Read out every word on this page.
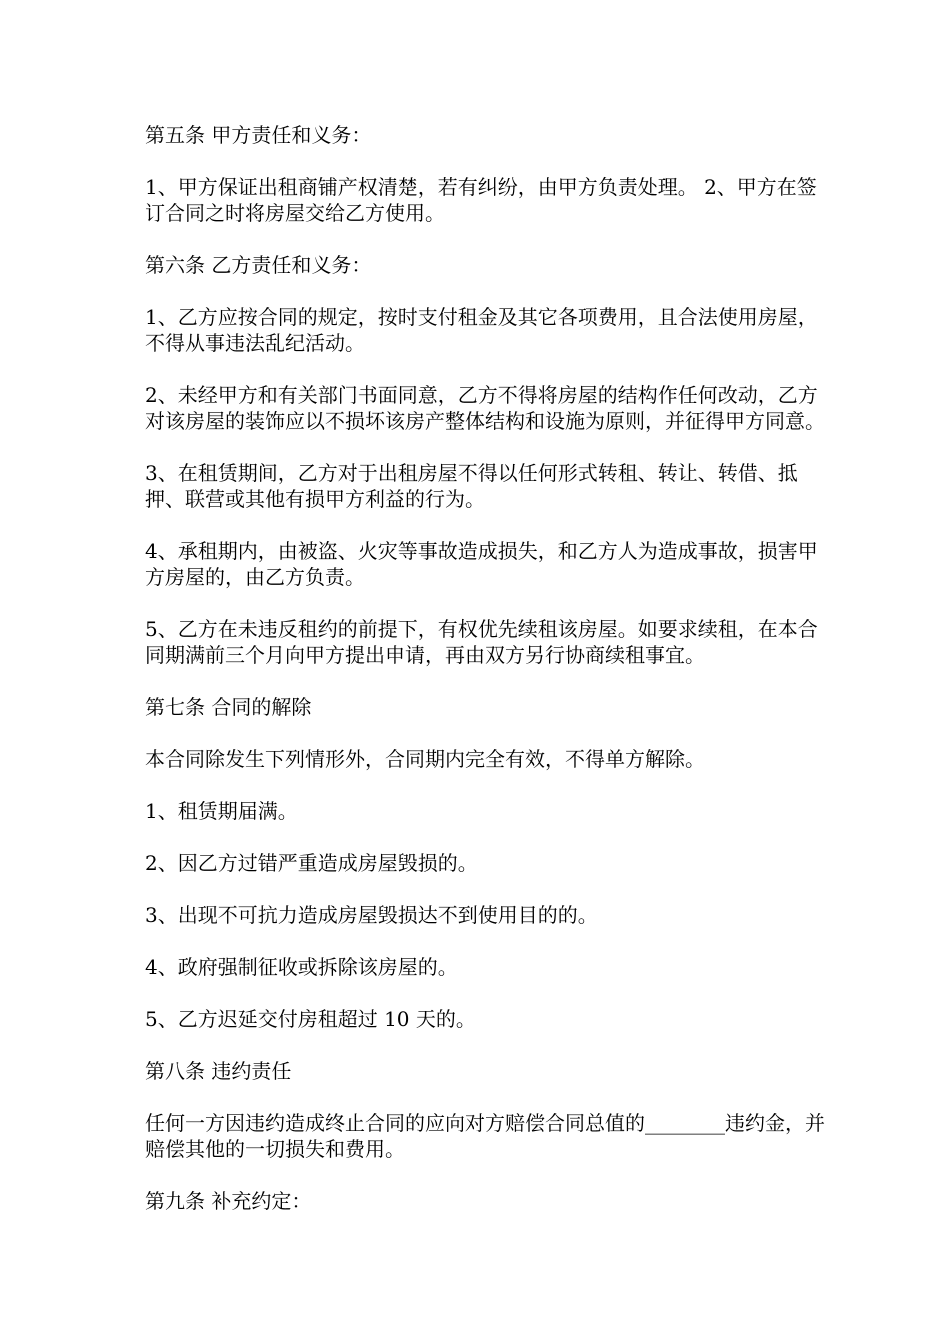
第五条 甲方责任和义务：

1、甲方保证出租商铺产权清楚，若有纠纷，由甲方负责处理。 2、甲方在签订合同之时将房屋交给乙方使用。

第六条 乙方责任和义务：

1、乙方应按合同的规定，按时支付租金及其它各项费用，且合法使用房屋，不得从事违法乱纪活动。

2、未经甲方和有关部门书面同意，乙方不得将房屋的结构作任何改动，乙方对该房屋的装饰应以不损坏该房产整体结构和设施为原则，并征得甲方同意。

3、在租赁期间，乙方对于出租房屋不得以任何形式转租、转让、转借、抵押、联营或其他有损甲方利益的行为。

4、承租期内，由被盗、火灾等事故造成损失，和乙方人为造成事故，损害甲方房屋的，由乙方负责。

5、乙方在未违反租约的前提下，有权优先续租该房屋。如要求续租，在本合同期满前三个月向甲方提出申请，再由双方另行协商续租事宜。

第七条 合同的解除

本合同除发生下列情形外，合同期内完全有效，不得单方解除。

1、租赁期届满。

2、因乙方过错严重造成房屋毁损的。

3、出现不可抗力造成房屋毁损达不到使用目的的。

4、政府强制征收或拆除该房屋的。

5、乙方迟延交付房租超过 10 天的。

第八条 违约责任

任何一方因违约造成终止合同的应向对方赔偿合同总值的________违约金，并赔偿其他的一切损失和费用。

第九条 补充约定：
